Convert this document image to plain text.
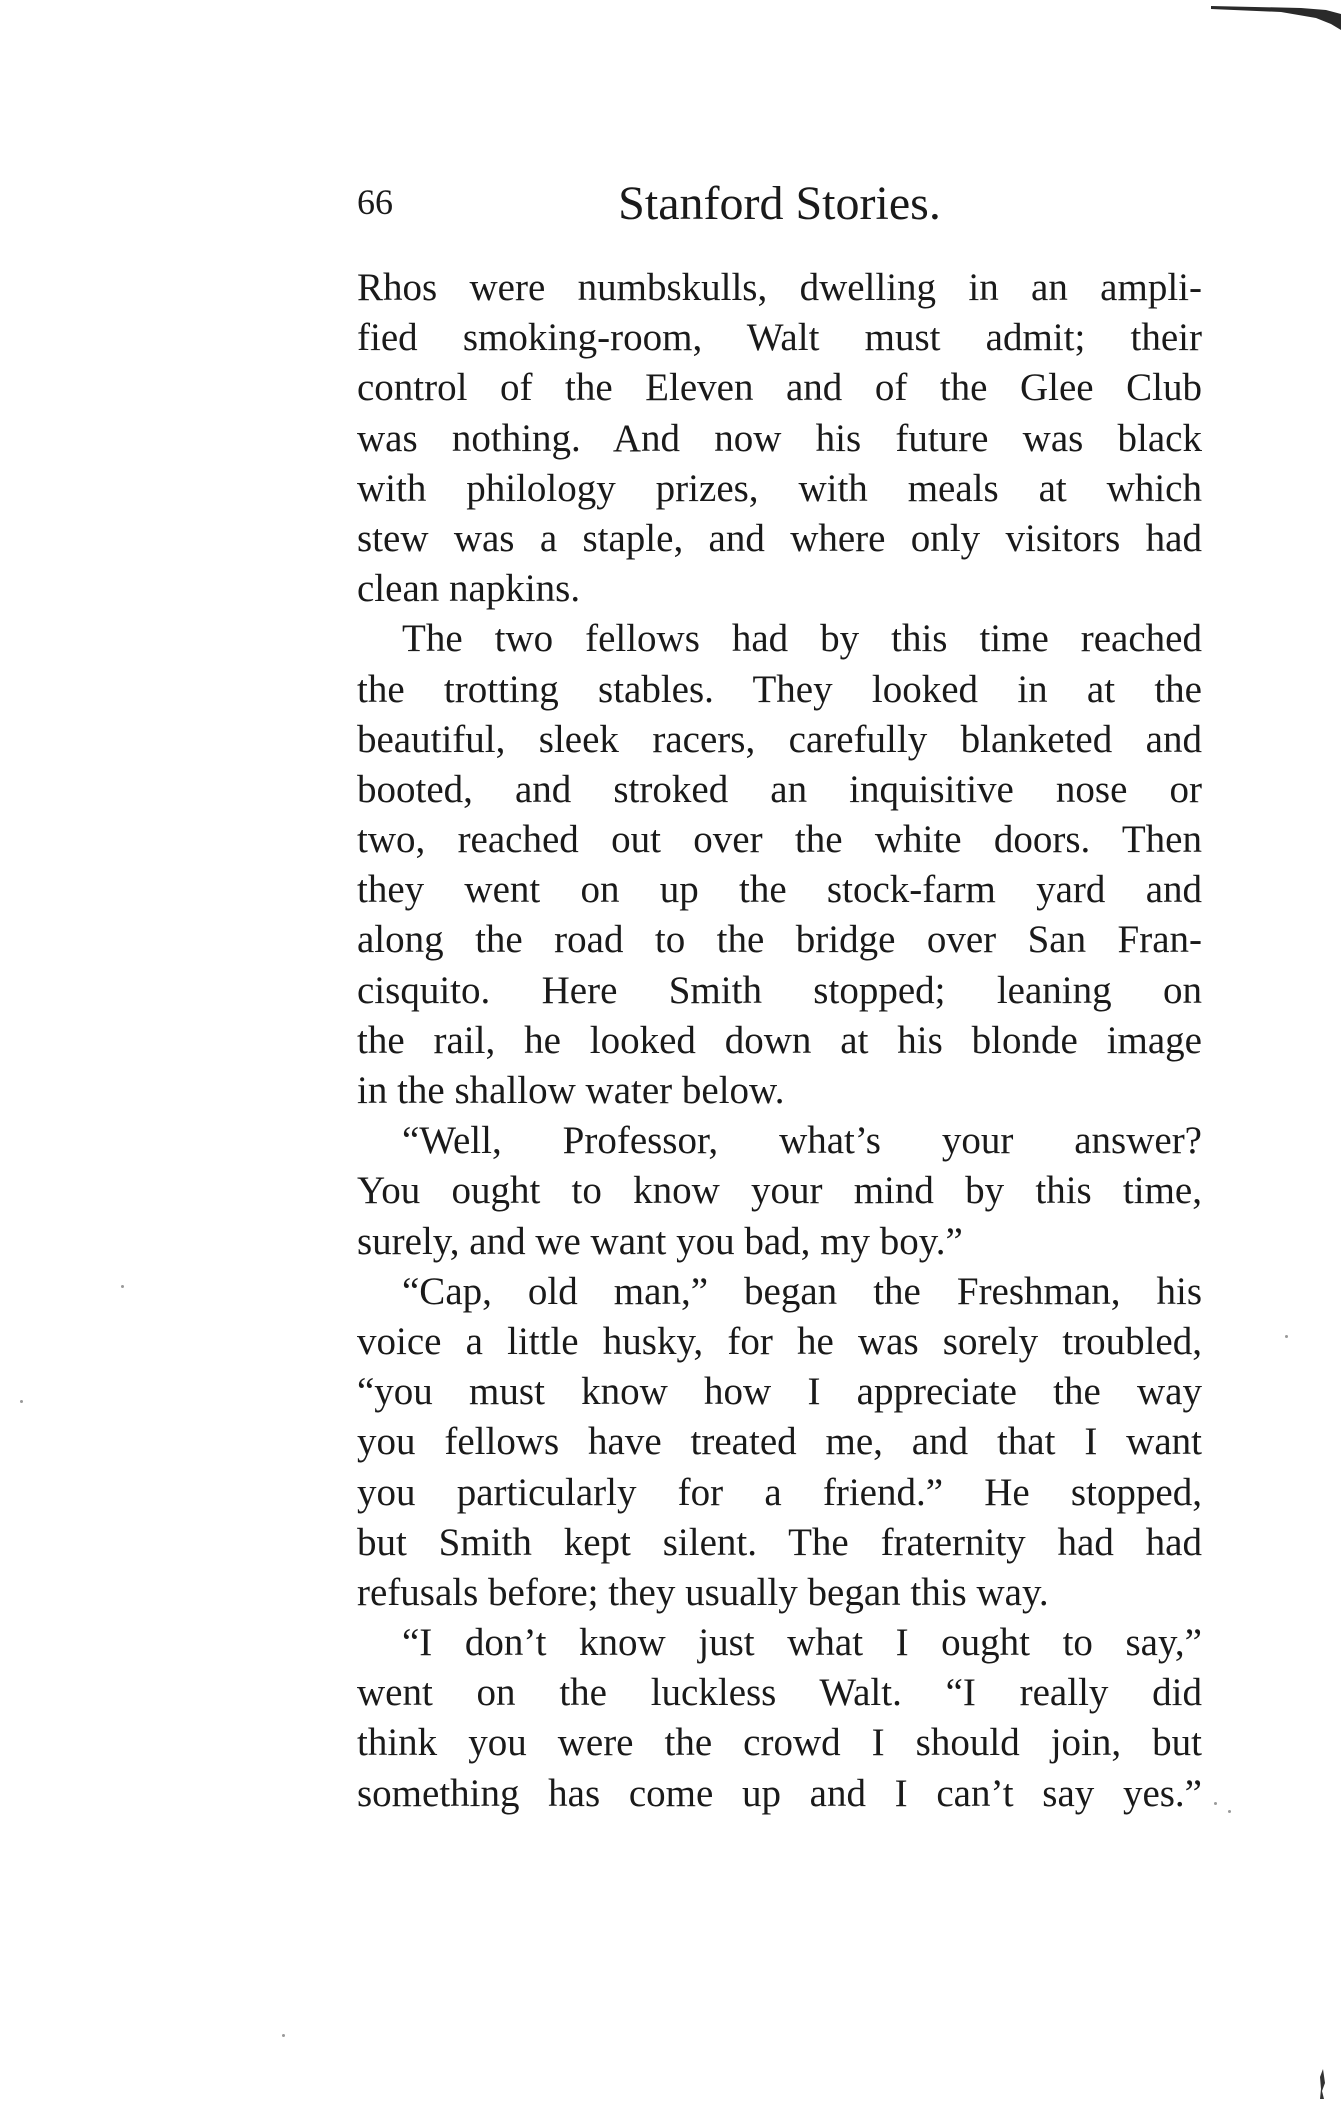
66	Stanford Stories.
Rhos were numbskulls, dwelling in an ampli-
fied smoking-room, Walt must admit; their
control of the Eleven and of the Glee Club
was nothing. And now his future was black
with philology prizes, with meals at which
stew was a staple, and where only visitors had
clean napkins.
The two fellows had by this time reached
the trotting stables. They looked in at the
beautiful, sleek racers, carefully blanketed and
booted, and stroked an inquisitive nose or
two, reached out over the white doors. Then
they went on up the stock-farm yard and
along the road to the bridge over San Fran-
cisquito. Here Smith stopped; leaning on
the rail, he looked down at his blonde image
in the shallow water below.
“Well, Professor, what’s your answer?
You ought to know your mind by this time,
surely, and we want you bad, my boy.”
“Cap, old man,” began the Freshman, his
voice a little husky, for he was sorely troubled,
“you must know how I appreciate the way
you fellows have treated me, and that I want
you particularly for a friend.” He stopped,
but Smith kept silent. The fraternity had had
refusals before; they usually began this way.
“I don’t know just what I ought to say,”
went on the luckless Walt. “I really did
think you were the crowd I should join, but
something has come up and I can’t say yes.”
